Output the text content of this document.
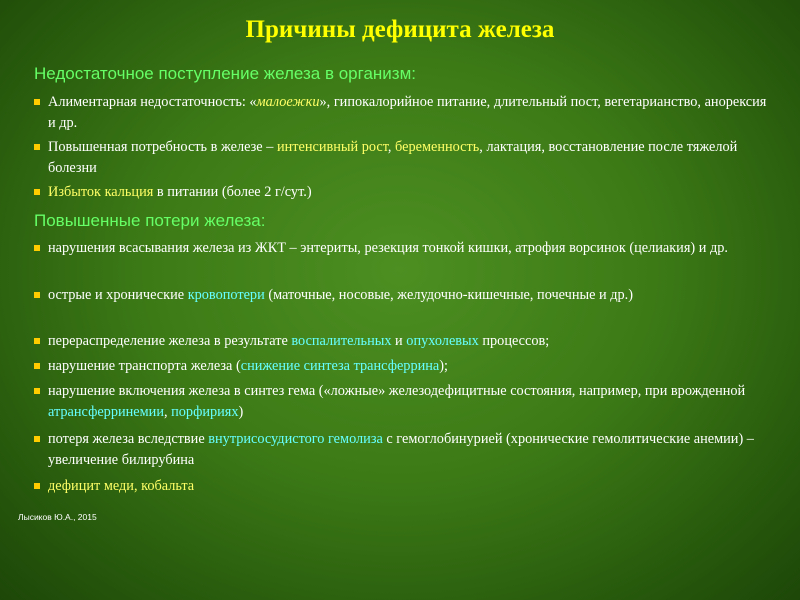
Причины дефицита железа
Недостаточное поступление железа в организм:
Алиментарная недостаточность: «малоежки», гипокалорийное питание, длительный пост, вегетарианство, анорексия и др.
Повышенная потребность в железе – интенсивный рост, беременность, лактация, восстановление после тяжелой болезни
Избыток кальция в питании (более 2 г/сут.)
Повышенные потери железа:
нарушения всасывания железа из ЖКТ – энтериты, резекция тонкой кишки, атрофия ворсинок (целиакия) и др.
острые и хронические кровопотери (маточные, носовые, желудочно-кишечные, почечные и др.)
перераспределение железа в результате воспалительных и опухолевых процессов;
нарушение транспорта железа (снижение синтеза трансферрина);
нарушение включения железа в синтез гема («ложные» железодефицитные состояния, например, при врожденной атрансферринемии, порфириях)
потеря железа вследствие внутрисосудистого гемолиза с гемоглобинурией (хронические гемолитические анемии) – увеличение билирубина
дефицит меди, кобальта
Лысиков Ю.А., 2015
